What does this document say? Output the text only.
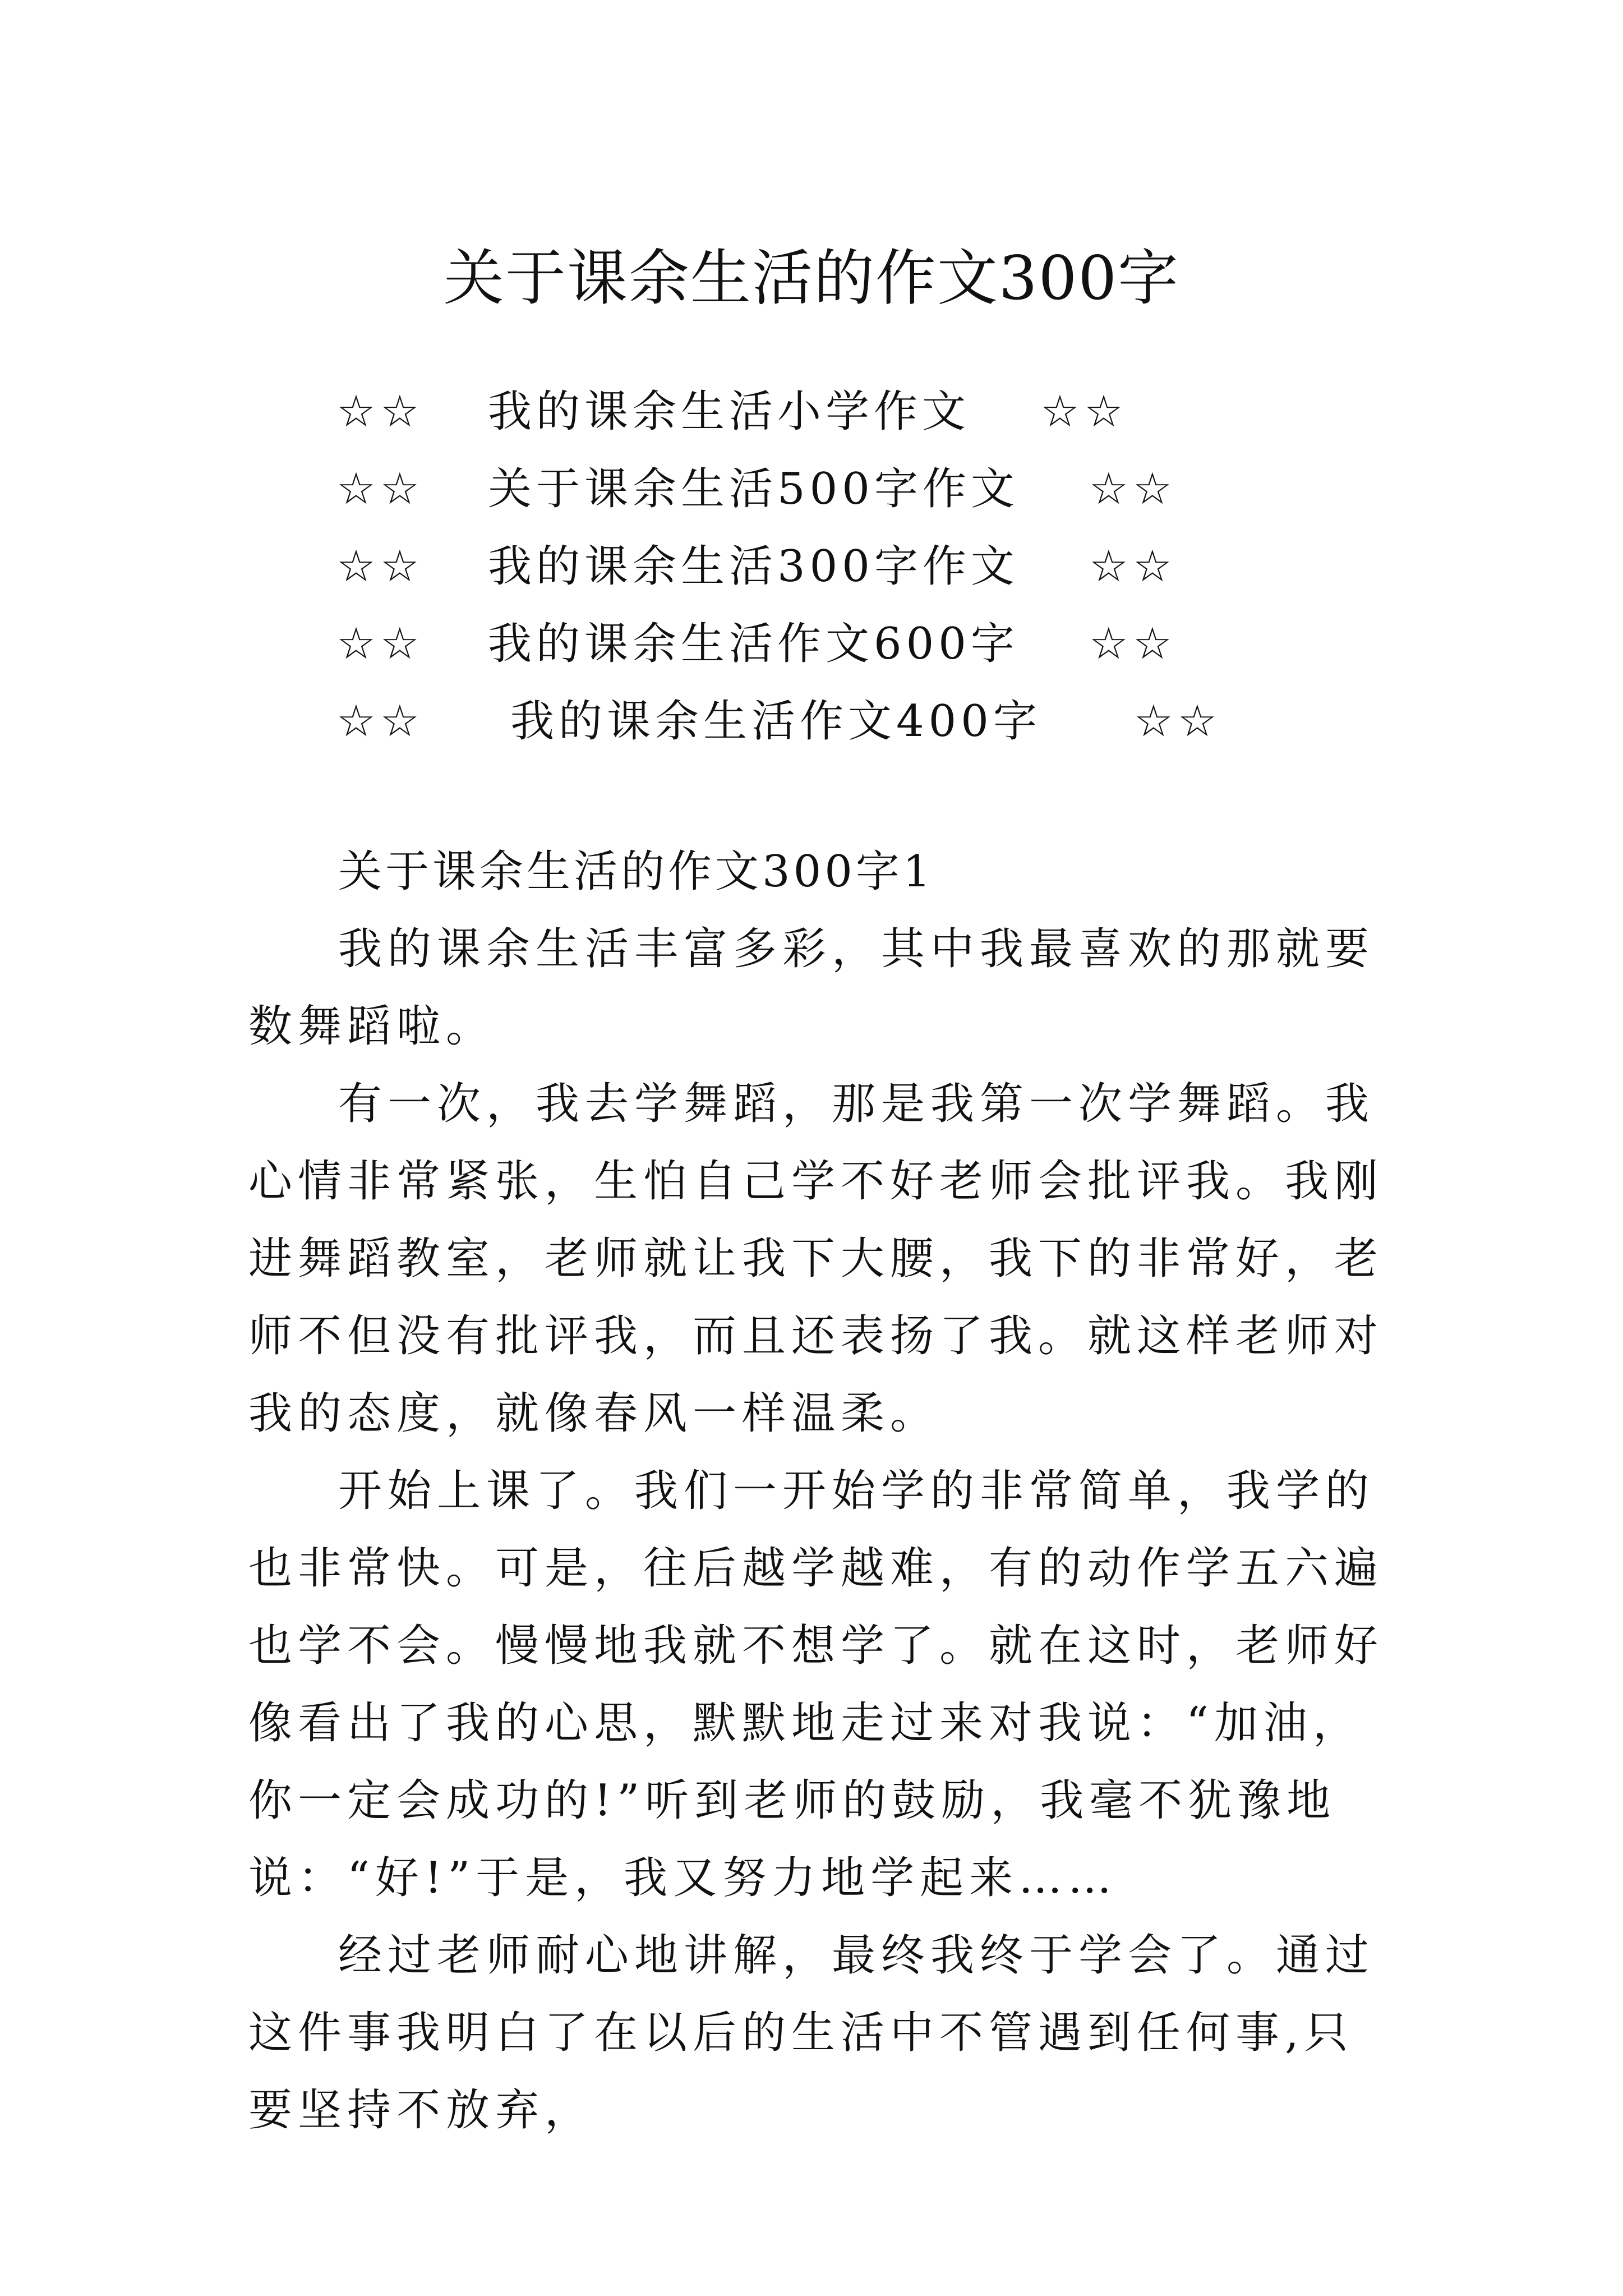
关于课余生活的作文300字
☆☆ 我的课余生活小学作文 ☆☆
☆☆ 关于课余生活500字作文 ☆☆
☆☆ 我的课余生活300字作文 ☆☆
☆☆ 我的课余生活作文600字 ☆☆
☆☆ 我的课余生活作文400字 ☆☆

关于课余生活的作文300字1

我的课余生活丰富多彩，其中我最喜欢的那就要数舞蹈啦。

有一次，我去学舞蹈，那是我第一次学舞蹈。我心情非常紧张，生怕自己学不好老师会批评我。我刚进舞蹈教室，老师就让我下大腰，我下的非常好，老师不但没有批评我，而且还表扬了我。就这样老师对我的态度，就像春风一样温柔。

开始上课了。我们一开始学的非常简单，我学的也非常快。可是，往后越学越难，有的动作学五六遍也学不会。慢慢地我就不想学了。就在这时，老师好像看出了我的心思，默默地走过来对我说：“加油，你一定会成功的!”听到老师的鼓励，我毫不犹豫地说：“好!”于是，我又努力地学起来……

经过老师耐心地讲解，最终我终于学会了。通过这件事我明白了在以后的生活中不管遇到任何事,只要坚持不放弃，
